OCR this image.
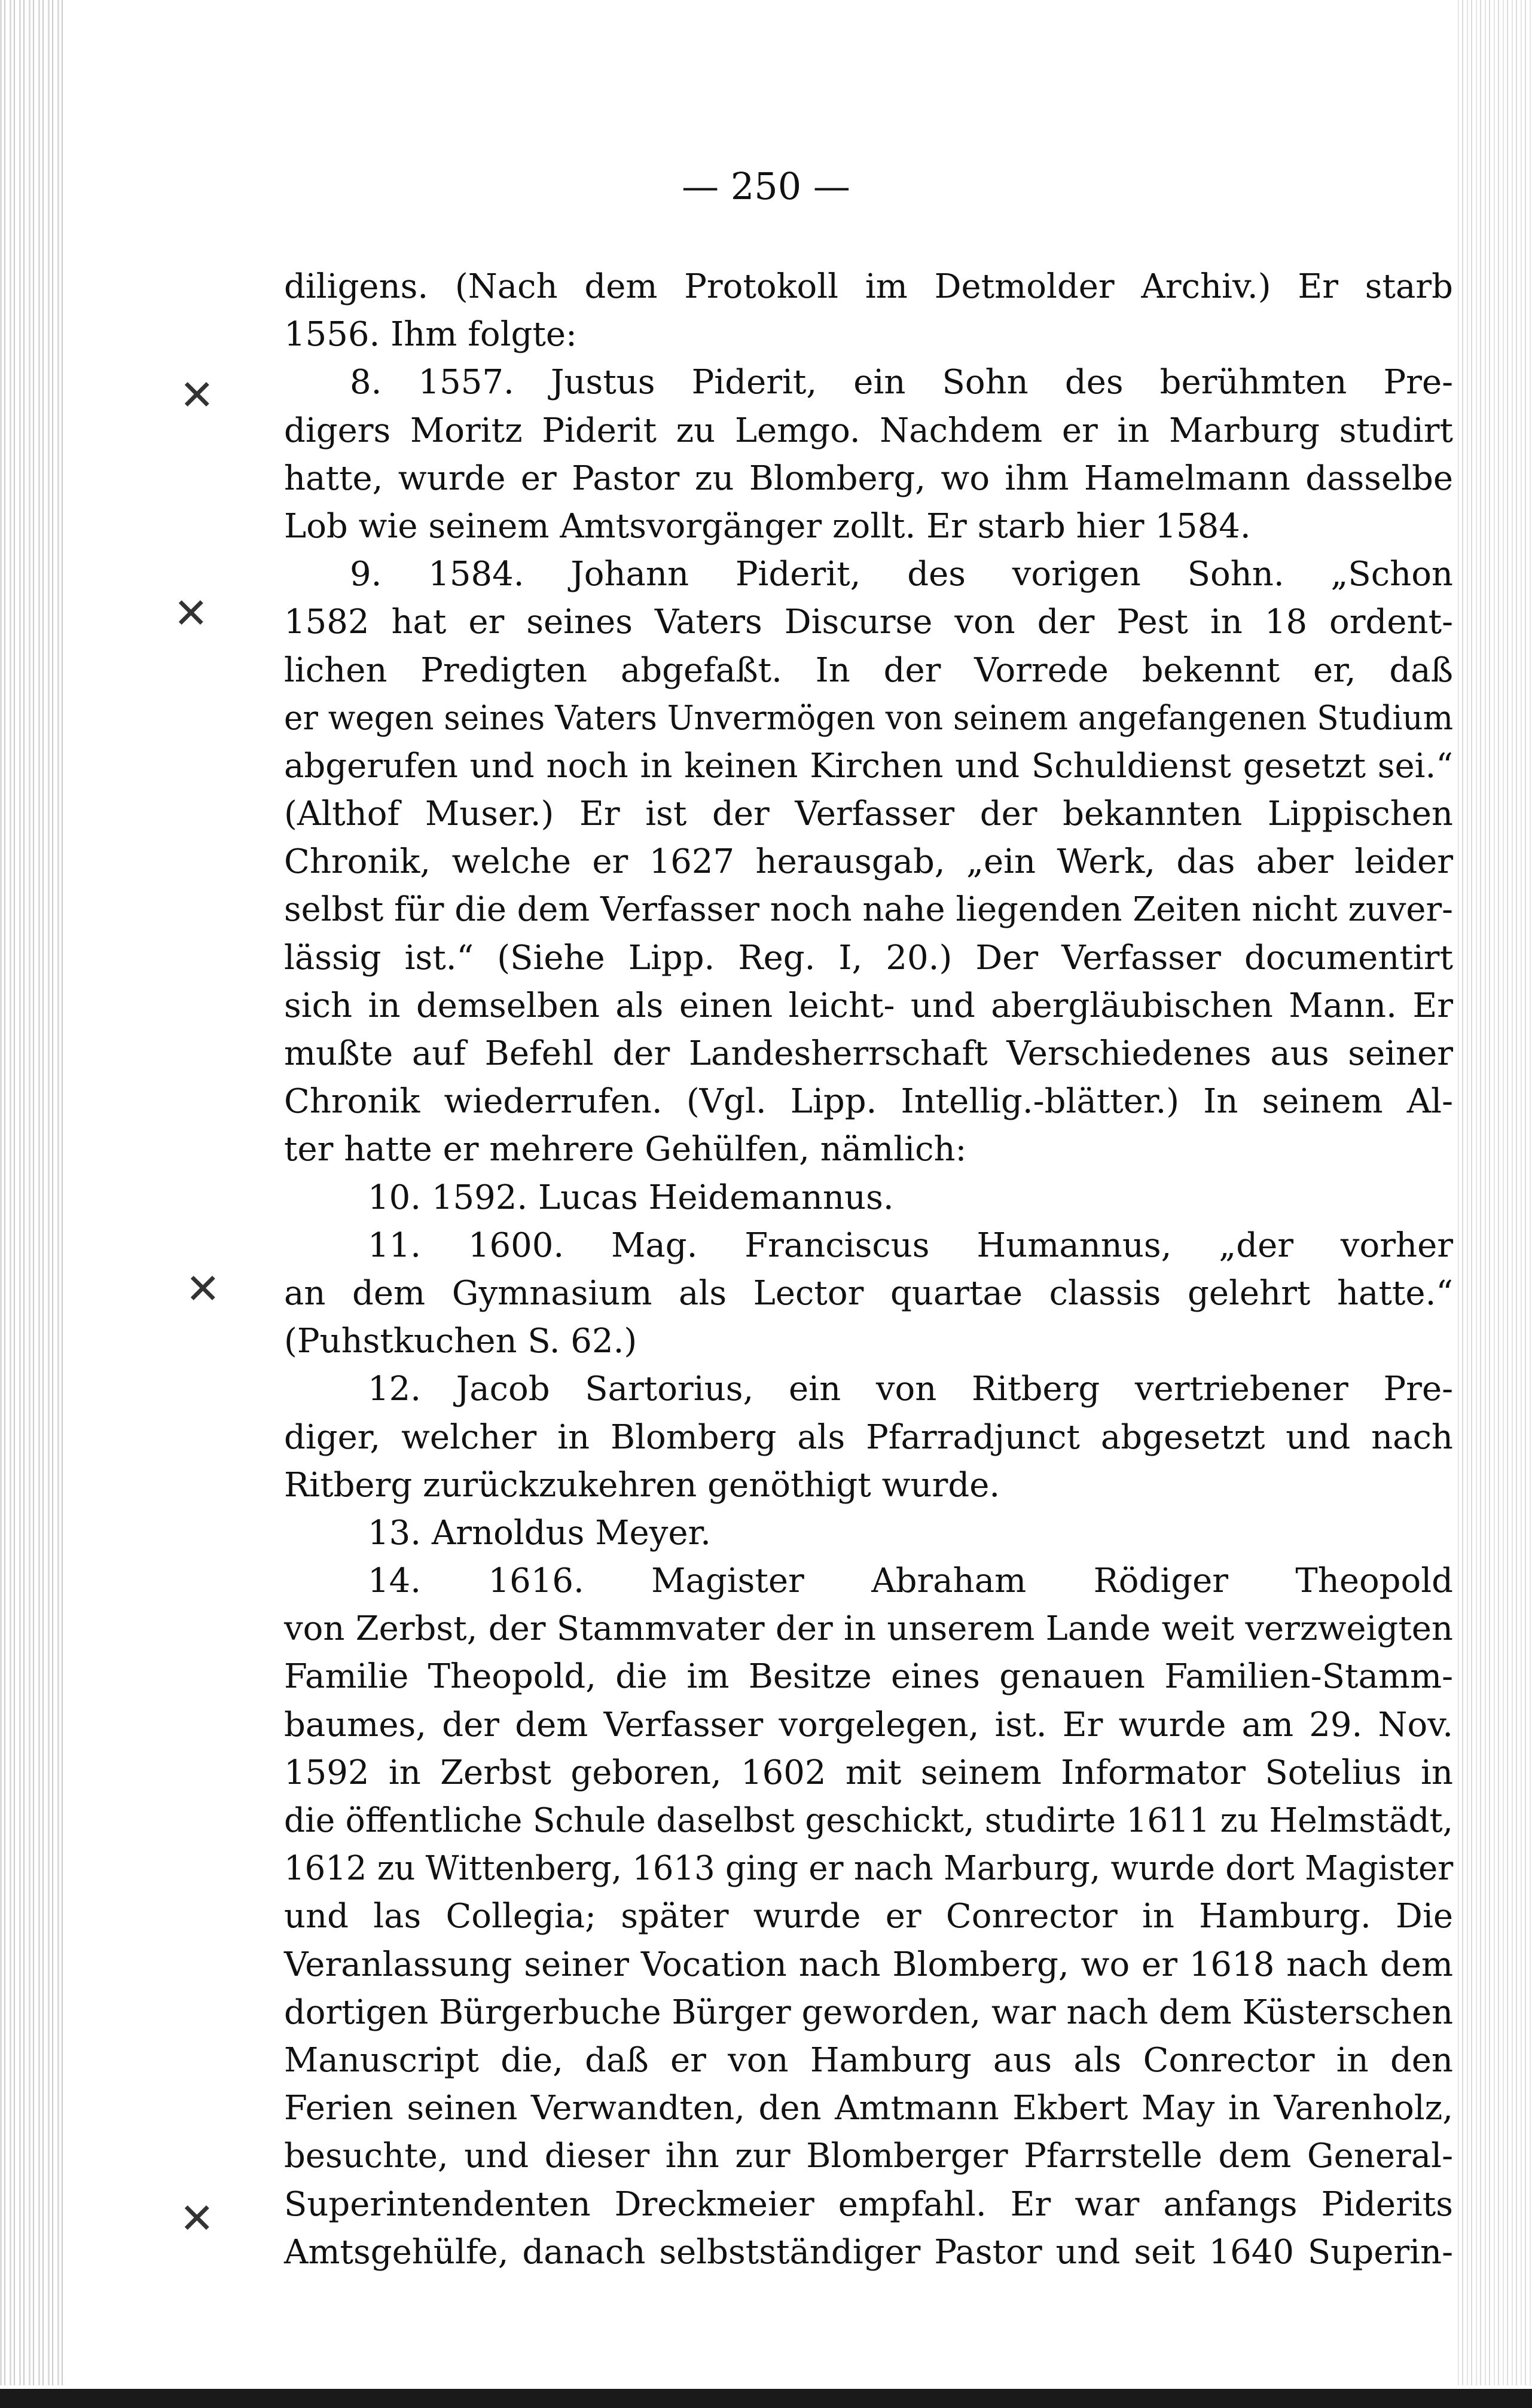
— 250 —
✕
✕
✕
✕
diligens. (Nach dem Protokoll im Detmolder Archiv.) Er starb
1556. Ihm folgte:
8. 1557. Justus Piderit, ein Sohn des berühmten Pre-
digers Moritz Piderit zu Lemgo. Nachdem er in Marburg studirt
hatte, wurde er Pastor zu Blomberg, wo ihm Hamelmann dasselbe
Lob wie seinem Amtsvorgänger zollt. Er starb hier 1584.
9. 1584. Johann Piderit, des vorigen Sohn. „Schon
1582 hat er seines Vaters Discurse von der Pest in 18 ordent-
lichen Predigten abgefaßt. In der Vorrede bekennt er, daß
er wegen seines Vaters Unvermögen von seinem angefangenen Studium
abgerufen und noch in keinen Kirchen und Schuldienst gesetzt sei.“
(Althof Muser.) Er ist der Verfasser der bekannten Lippischen
Chronik, welche er 1627 herausgab, „ein Werk, das aber leider
selbst für die dem Verfasser noch nahe liegenden Zeiten nicht zuver-
lässig ist.“ (Siehe Lipp. Reg. I, 20.) Der Verfasser documentirt
sich in demselben als einen leicht- und abergläubischen Mann. Er
mußte auf Befehl der Landesherrschaft Verschiedenes aus seiner
Chronik wiederrufen. (Vgl. Lipp. Intellig.-blätter.) In seinem Al-
ter hatte er mehrere Gehülfen, nämlich:
10. 1592. Lucas Heidemannus.
11. 1600. Mag. Franciscus Humannus, „der vorher
an dem Gymnasium als Lector quartae classis gelehrt hatte.“
(Puhstkuchen S. 62.)
12. Jacob Sartorius, ein von Ritberg vertriebener Pre-
diger, welcher in Blomberg als Pfarradjunct abgesetzt und nach
Ritberg zurückzukehren genöthigt wurde.
13. Arnoldus Meyer.
14. 1616. Magister Abraham Rödiger Theopold
von Zerbst, der Stammvater der in unserem Lande weit verzweigten
Familie Theopold, die im Besitze eines genauen Familien-Stamm-
baumes, der dem Verfasser vorgelegen, ist. Er wurde am 29. Nov.
1592 in Zerbst geboren, 1602 mit seinem Informator Sotelius in
die öffentliche Schule daselbst geschickt, studirte 1611 zu Helmstädt,
1612 zu Wittenberg, 1613 ging er nach Marburg, wurde dort Magister
und las Collegia; später wurde er Conrector in Hamburg. Die
Veranlassung seiner Vocation nach Blomberg, wo er 1618 nach dem
dortigen Bürgerbuche Bürger geworden, war nach dem Küsterschen
Manuscript die, daß er von Hamburg aus als Conrector in den
Ferien seinen Verwandten, den Amtmann Ekbert May in Varenholz,
besuchte, und dieser ihn zur Blomberger Pfarrstelle dem General-
Superintendenten Dreckmeier empfahl. Er war anfangs Piderits
Amtsgehülfe, danach selbstständiger Pastor und seit 1640 Superin-
